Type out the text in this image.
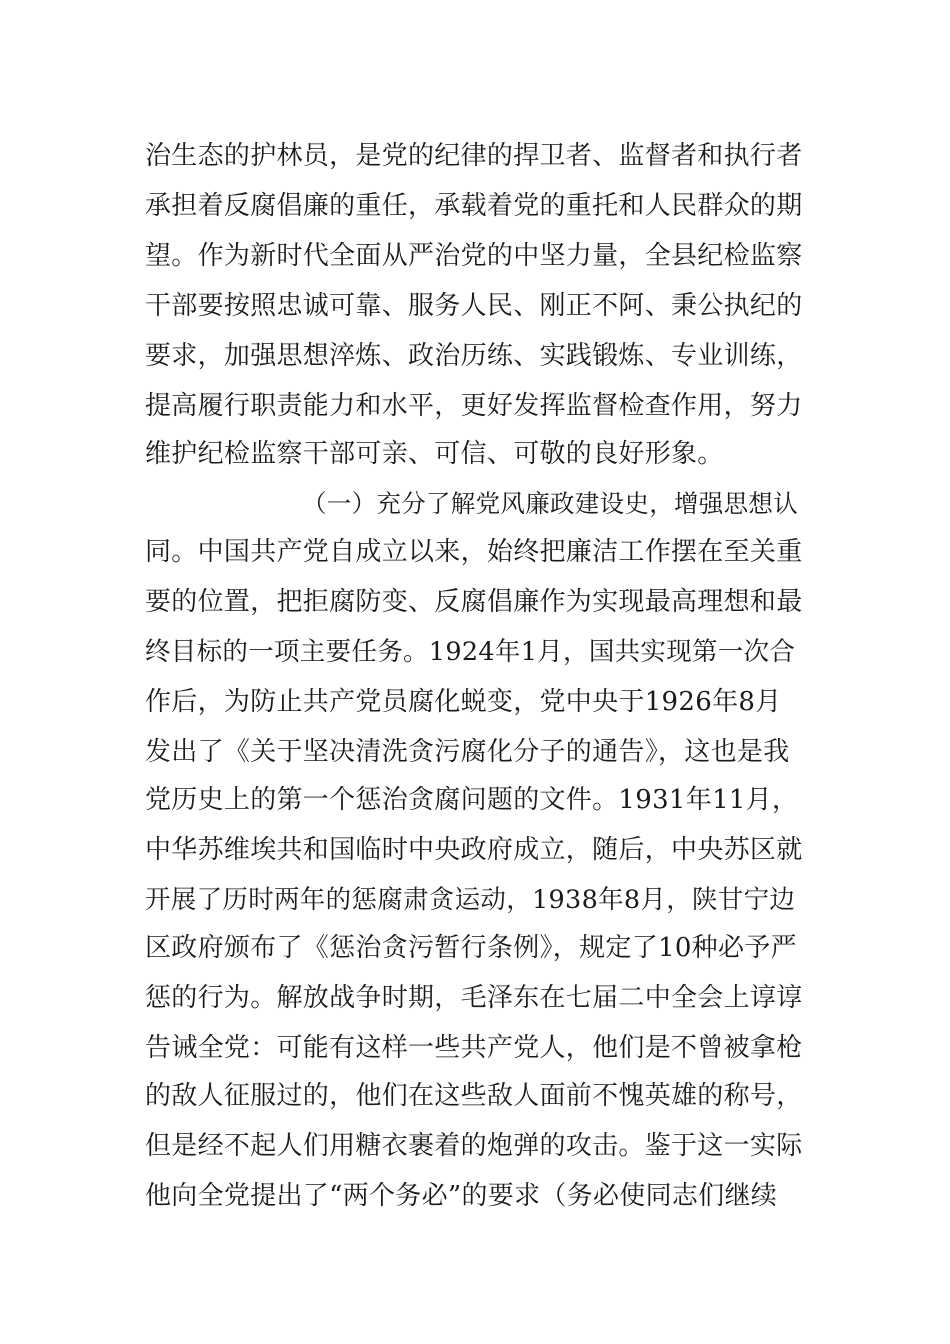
治生态的护林员，是党的纪律的捍卫者、监督者和执行者
承担着反腐倡廉的重任，承载着党的重托和人民群众的期
望。作为新时代全面从严治党的中坚力量，全县纪检监察
干部要按照忠诚可靠、服务人民、刚正不阿、秉公执纪的
要求，加强思想淬炼、政治历练、实践锻炼、专业训练，
提高履行职责能力和水平，更好发挥监督检查作用，努力
维护纪检监察干部可亲、可信、可敬的良好形象。
（一）充分了解党风廉政建设史，增强思想认
同。中国共产党自成立以来，始终把廉洁工作摆在至关重
要的位置，把拒腐防变、反腐倡廉作为实现最高理想和最
终目标的一项主要任务。1924年1月，国共实现第一次合
作后，为防止共产党员腐化蜕变，党中央于1926年8月
发出了《关于坚决清洗贪污腐化分子的通告》，这也是我
党历史上的第一个惩治贪腐问题的文件。1931年11月，
中华苏维埃共和国临时中央政府成立，随后，中央苏区就
开展了历时两年的惩腐肃贪运动，1938年8月，陕甘宁边
区政府颁布了《惩治贪污暂行条例》，规定了10种必予严
惩的行为。解放战争时期，毛泽东在七届二中全会上谆谆
告诫全党：可能有这样一些共产党人，他们是不曾被拿枪
的敌人征服过的，他们在这些敌人面前不愧英雄的称号，
但是经不起人们用糖衣裹着的炮弹的攻击。鉴于这一实际
他向全党提出了“两个务必”的要求（务必使同志们继续
